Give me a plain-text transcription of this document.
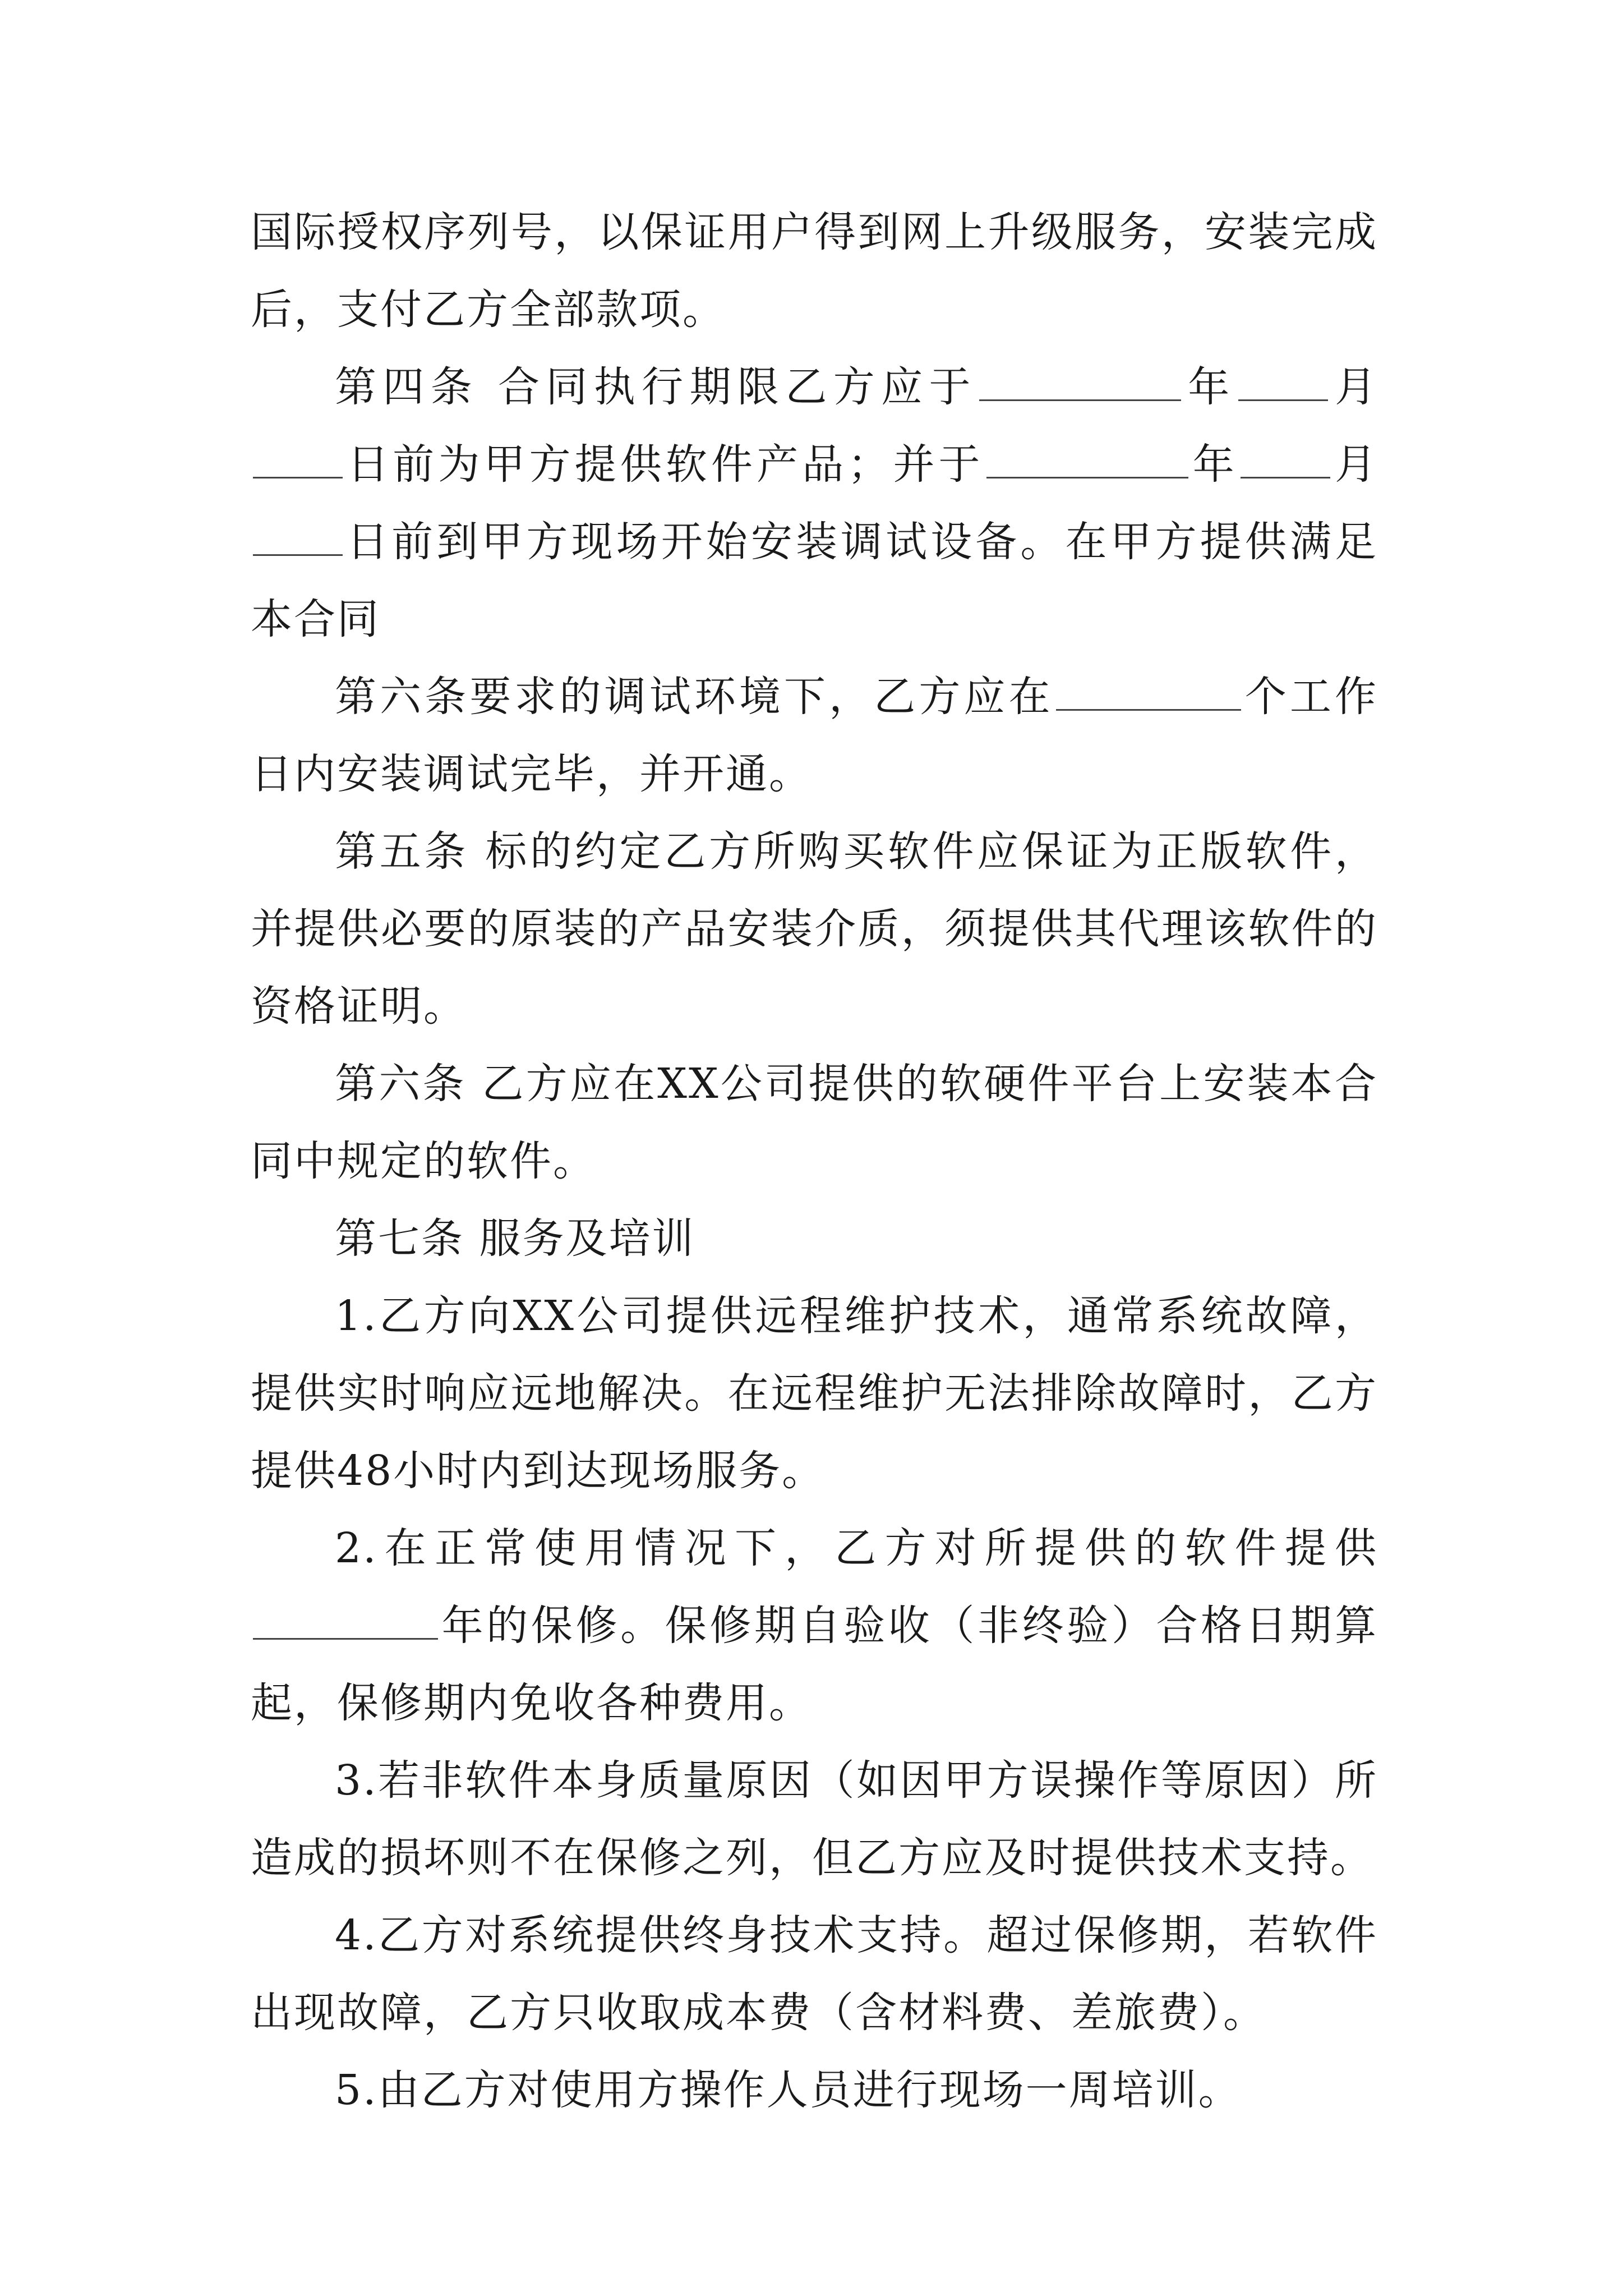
国际授权序列号，以保证用户得到网上升级服务，安装完成后，支付乙方全部款项。

第四条 合同执行期限乙方应于	年 月日前为甲方提供软件产品；并于	年 月日前到甲方现场开始安装调试设备。在甲方提供满足本合同

第六条要求的调试环境下，乙方应在	个工作日内安装调试完毕，并开通。

第五条 标的约定乙方所购买软件应保证为正版软件，并提供必要的原装的产品安装介质，须提供其代理该软件的资格证明。

第六条 乙方应在XX公司提供的软硬件平台上安装本合同中规定的软件。

第七条 服务及培训

1.乙方向XX公司提供远程维护技术，通常系统故障，提供实时响应远地解决。在远程维护无法排除故障时，乙方提供48小时内到达现场服务。

2.在正常使用情况下，乙方对所提供的软件提供年的保修。保修期自验收（非终验）合格日期算起，保修期内免收各种费用。

3.若非软件本身质量原因（如因甲方误操作等原因）所造成的损坏则不在保修之列，但乙方应及时提供技术支持。

4.乙方对系统提供终身技术支持。超过保修期，若软件出现故障，乙方只收取成本费（含材料费、差旅费）。

5.由乙方对使用方操作人员进行现场一周培训。
